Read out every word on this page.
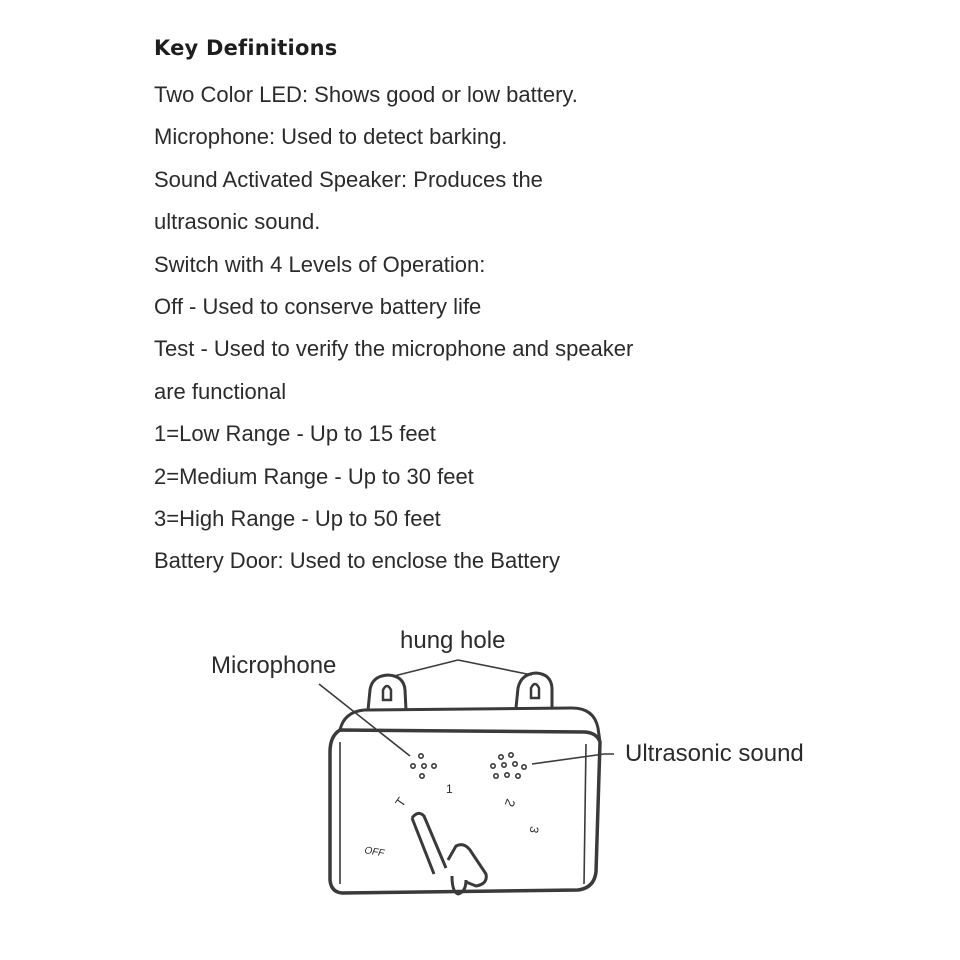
Key Definitions
Two Color LED: Shows good or low battery.
Microphone: Used to detect barking.
Sound Activated Speaker: Produces the
ultrasonic sound.
Switch with 4 Levels of Operation:
Off - Used to conserve battery life
Test - Used to verify the microphone and speaker
are functional
1=Low Range - Up to 15 feet
2=Medium Range - Up to 30 feet
3=High Range - Up to 50 feet
Battery Door: Used to enclose the Battery
T
1
2
3
OFF
Microphone
hung hole
Ultrasonic sound
